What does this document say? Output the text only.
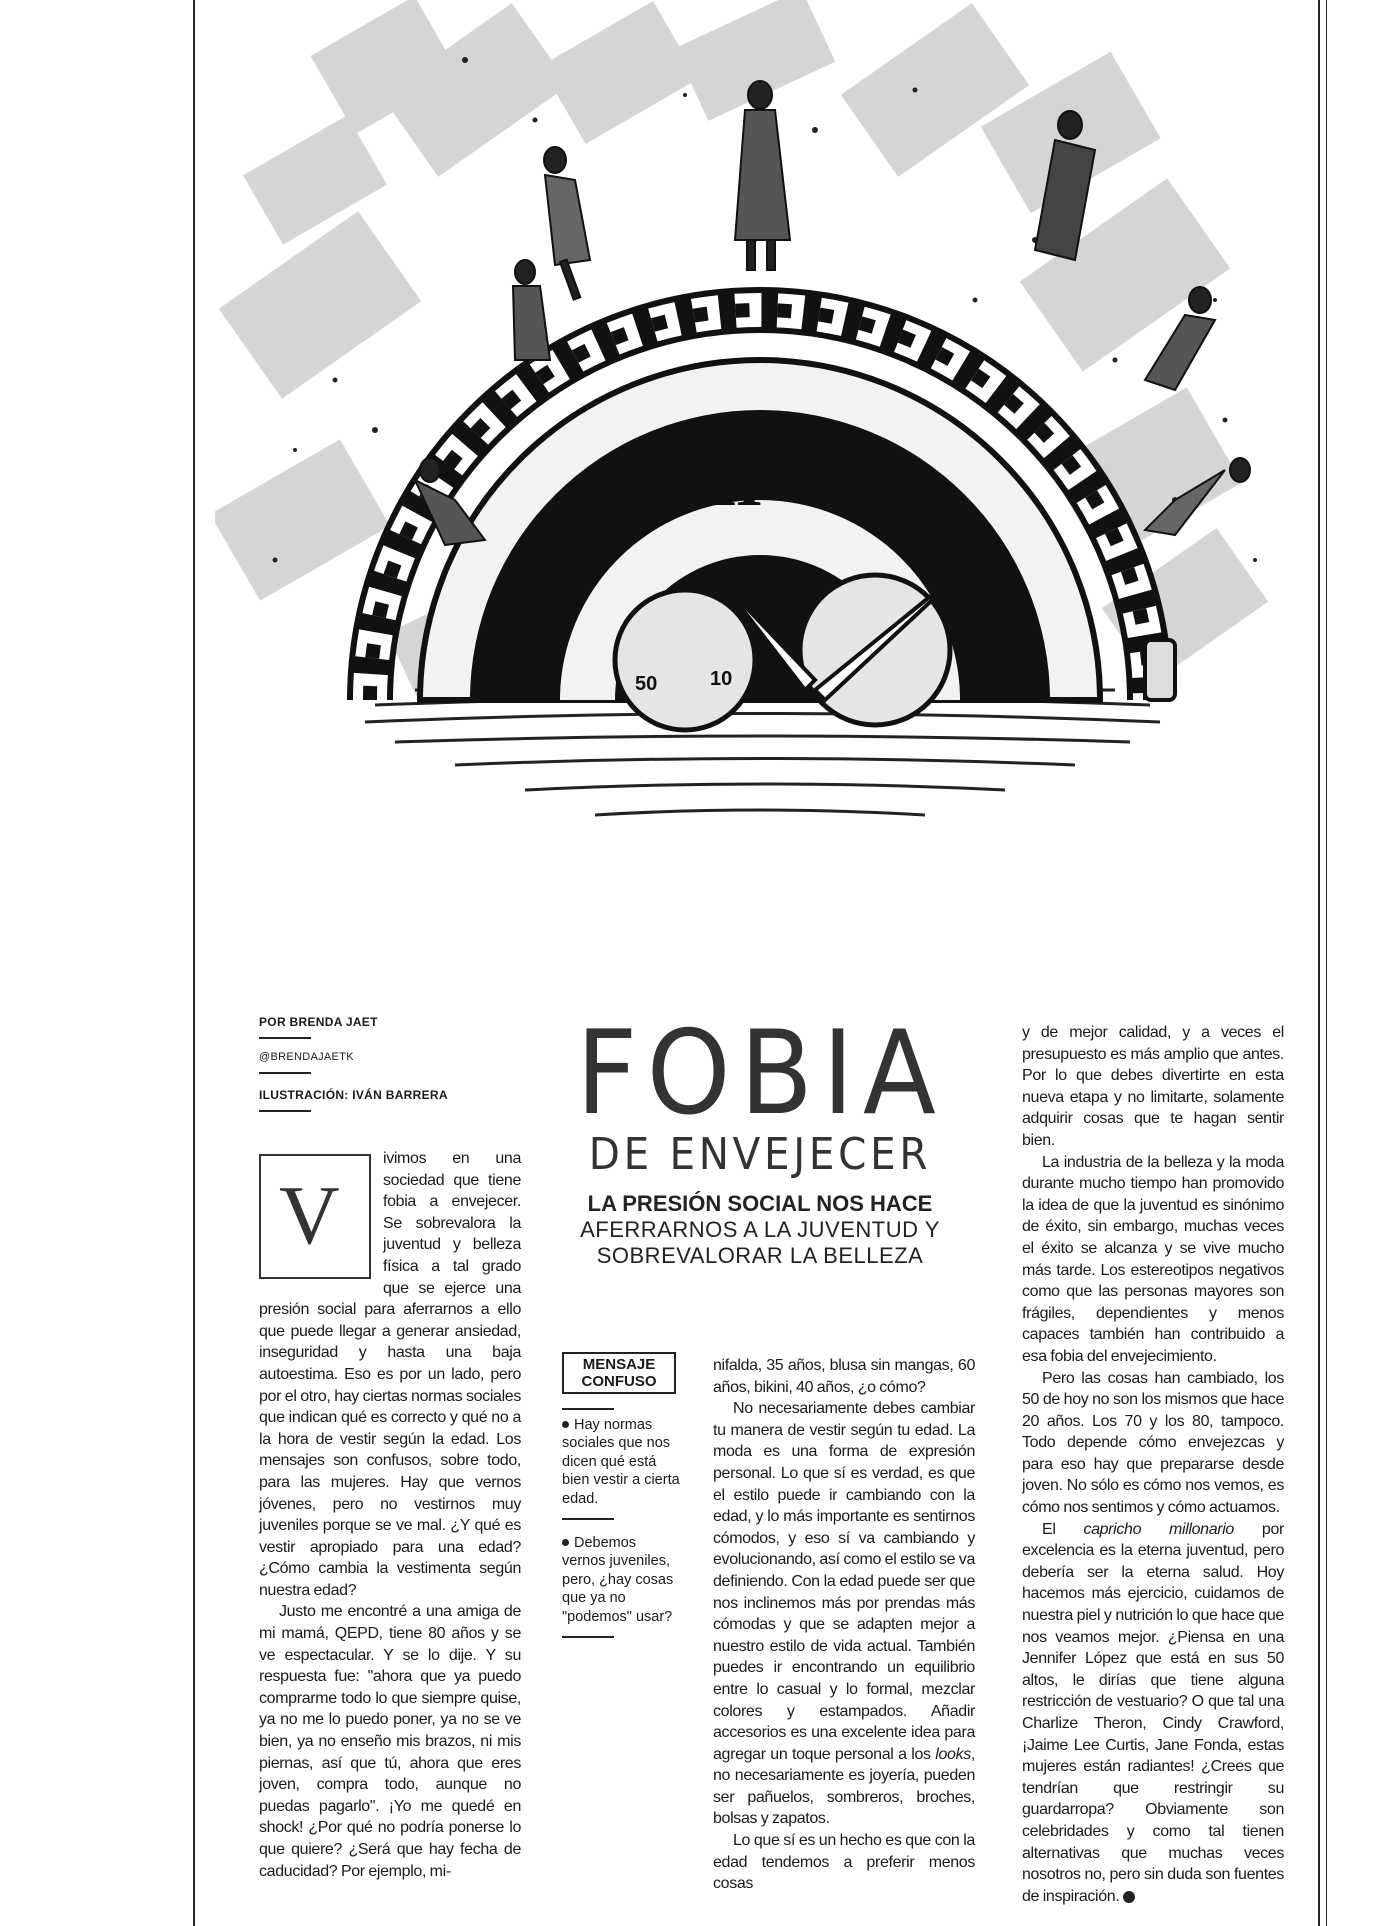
XI XII I
50	10
POR BRENDA JAET
@BRENDAJAETK
ILUSTRACIÓN: IVÁN BARRERA
V

ivimos en una sociedad que tiene fobia a envejecer. Se sobrevalora la juventud y belleza física a tal grado que se ejerce una presión social para aferrarnos a ello que puede llegar a generar ansiedad, inseguridad y hasta una baja autoestima. Eso es por un lado, pero por el otro, hay ciertas normas sociales que indican qué es correcto y qué no a la hora de vestir según la edad. Los mensajes son confusos, sobre todo, para las mujeres. Hay que vernos jóvenes, pero no vestirnos muy juveniles porque se ve mal. ¿Y qué es vestir apropiado para una edad? ¿Cómo cambia la vestimenta según nuestra edad?

Justo me encontré a una amiga de mi mamá, QEPD, tiene 80 años y se ve espectacular. Y se lo dije. Y su respuesta fue: "ahora que ya puedo comprarme todo lo que siempre quise, ya no me lo puedo poner, ya no se ve bien, ya no enseño mis brazos, ni mis piernas, así que tú, ahora que eres joven, compra todo, aunque no puedas pagarlo". ¡Yo me quedé en shock! ¿Por qué no podría ponerse lo que quiere? ¿Será que hay fecha de caducidad? Por ejemplo, mi-

FOBIA
DE ENVEJECER
LA PRESIÓN SOCIAL NOS HACE
AFERRARNOS A LA JUVENTUD Y
SOBREVALORAR LA BELLEZA
MENSAJE CONFUSO
Hay normas sociales que nos dicen qué está bien vestir a cierta edad.
Debemos vernos juveniles, pero, ¿hay cosas que ya no "podemos" usar?

nifalda, 35 años, blusa sin mangas, 60 años, bikini, 40 años, ¿o cómo?

No necesariamente debes cambiar tu manera de vestir según tu edad. La moda es una forma de expresión personal. Lo que sí es verdad, es que el estilo puede ir cambiando con la edad, y lo más importante es sentirnos cómodos, y eso sí va cambiando y evolucionando, así como el estilo se va definiendo. Con la edad puede ser que nos inclinemos más por prendas más cómodas y que se adapten mejor a nuestro estilo de vida actual. También puedes ir encontrando un equilibrio entre lo casual y lo formal, mezclar colores y estampados. Añadir accesorios es una excelente idea para agregar un toque personal a los looks, no necesariamente es joyería, pueden ser pañuelos, sombreros, broches, bolsas y zapatos.

Lo que sí es un hecho es que con la edad tendemos a preferir menos cosas

y de mejor calidad, y a veces el presupuesto es más amplio que antes. Por lo que debes divertirte en esta nueva etapa y no limitarte, solamente adquirir cosas que te hagan sentir bien.

La industria de la belleza y la moda durante mucho tiempo han promovido la idea de que la juventud es sinónimo de éxito, sin embargo, muchas veces el éxito se alcanza y se vive mucho más tarde. Los estereotipos negativos como que las personas mayores son frágiles, dependientes y menos capaces también han contribuido a esa fobia del envejecimiento.

Pero las cosas han cambiado, los 50 de hoy no son los mismos que hace 20 años. Los 70 y los 80, tampoco. Todo depende cómo envejezcas y para eso hay que prepararse desde joven. No sólo es cómo nos vemos, es cómo nos sentimos y cómo actuamos.

El capricho millonario por excelencia es la eterna juventud, pero debería ser la eterna salud. Hoy hacemos más ejercicio, cuidamos de nuestra piel y nutrición lo que hace que nos veamos mejor. ¿Piensa en una Jennifer López que está en sus 50 altos, le dirías que tiene alguna restricción de vestuario? O que tal una Charlize Theron, Cindy Crawford, ¡Jaime Lee Curtis, Jane Fonda, estas mujeres están radiantes! ¿Crees que tendrían que restringir su guardarropa? Obviamente son celebridades y como tal tienen alternativas que muchas veces nosotros no, pero sin duda son fuentes de inspiración.	B
